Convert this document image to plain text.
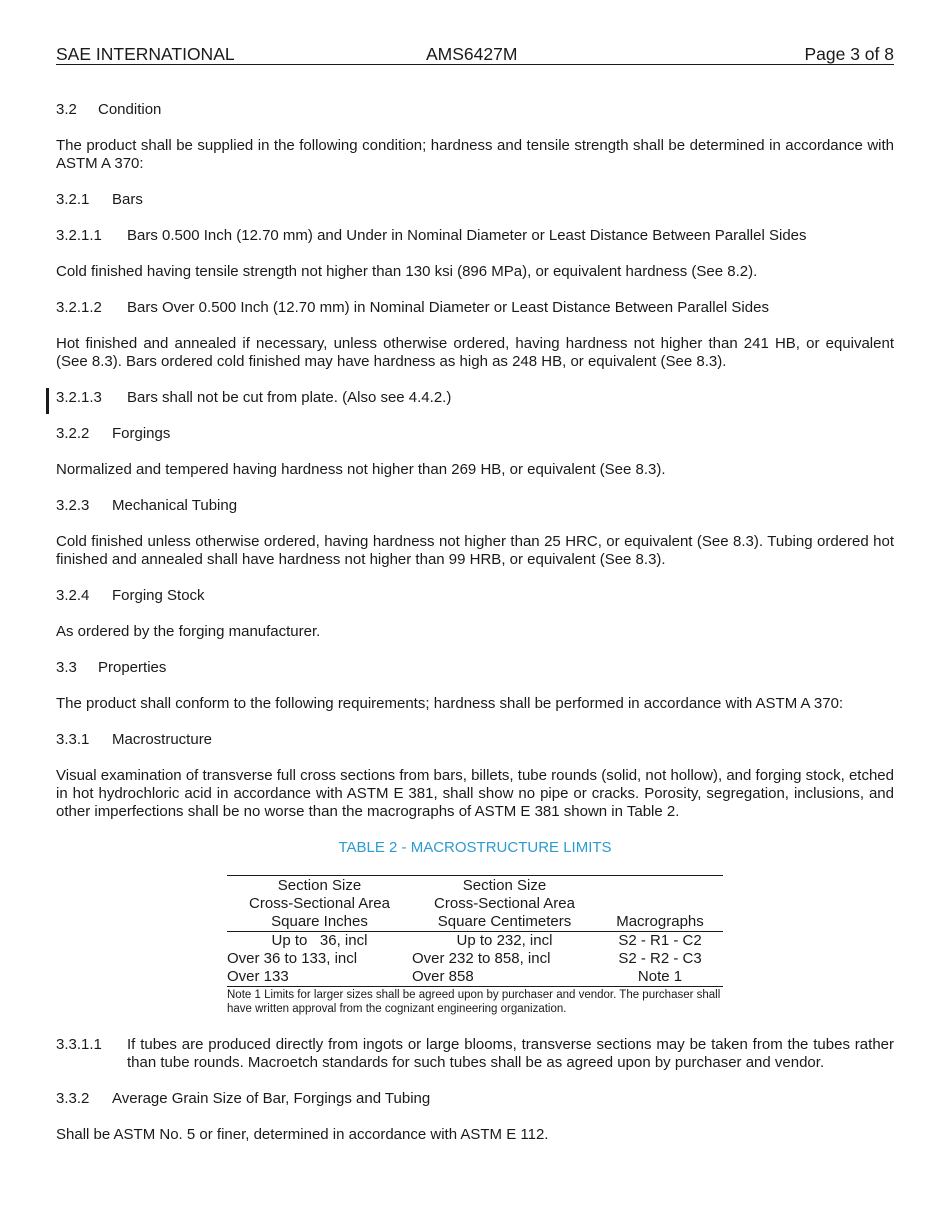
SAE INTERNATIONAL	AMS6427M	Page 3 of 8

3.2 Condition

The product shall be supplied in the following condition; hardness and tensile strength shall be determined in accordance with ASTM A 370:

3.2.1 Bars

3.2.1.1 Bars 0.500 Inch (12.70 mm) and Under in Nominal Diameter or Least Distance Between Parallel Sides

Cold finished having tensile strength not higher than 130 ksi (896 MPa), or equivalent hardness (See 8.2).

3.2.1.2 Bars Over 0.500 Inch (12.70 mm) in Nominal Diameter or Least Distance Between Parallel Sides

Hot finished and annealed if necessary, unless otherwise ordered, having hardness not higher than 241 HB, or equivalent (See 8.3). Bars ordered cold finished may have hardness as high as 248 HB, or equivalent (See 8.3).

3.2.1.3 Bars shall not be cut from plate. (Also see 4.4.2.)

3.2.2 Forgings

Normalized and tempered having hardness not higher than 269 HB, or equivalent (See 8.3).

3.2.3 Mechanical Tubing

Cold finished unless otherwise ordered, having hardness not higher than 25 HRC, or equivalent (See 8.3). Tubing ordered hot finished and annealed shall have hardness not higher than 99 HRB, or equivalent (See 8.3).

3.2.4 Forging Stock

As ordered by the forging manufacturer.

3.3 Properties

The product shall conform to the following requirements; hardness shall be performed in accordance with ASTM A 370:

3.3.1 Macrostructure

Visual examination of transverse full cross sections from bars, billets, tube rounds (solid, not hollow), and forging stock, etched in hot hydrochloric acid in accordance with ASTM E 381, shall show no pipe or cracks. Porosity, segregation, inclusions, and other imperfections shall be no worse than the macrographs of ASTM E 381 shown in Table 2.

TABLE 2 - MACROSTRUCTURE LIMITS

Section Size	Section Size	
Cross-Sectional Area	Cross-Sectional Area	
Square Inches	Square Centimeters	Macrographs
Up to   36, incl	Up to 232, incl	S2 - R1 - C2
Over 36 to 133, incl	Over 232 to 858, incl	S2 - R2 - C3
Over 133	Over 858	Note 1
Note 1 Limits for larger sizes shall be agreed upon by purchaser and vendor. The purchaser shall have written approval from the cognizant engineering organization.		
3.3.1.1	If tubes are produced directly from ingots or large blooms, transverse sections may be taken from the tubes rather than tube rounds. Macroetch standards for such tubes shall be as agreed upon by purchaser and vendor.

3.3.2 Average Grain Size of Bar, Forgings and Tubing

Shall be ASTM No. 5 or finer, determined in accordance with ASTM E 112.
